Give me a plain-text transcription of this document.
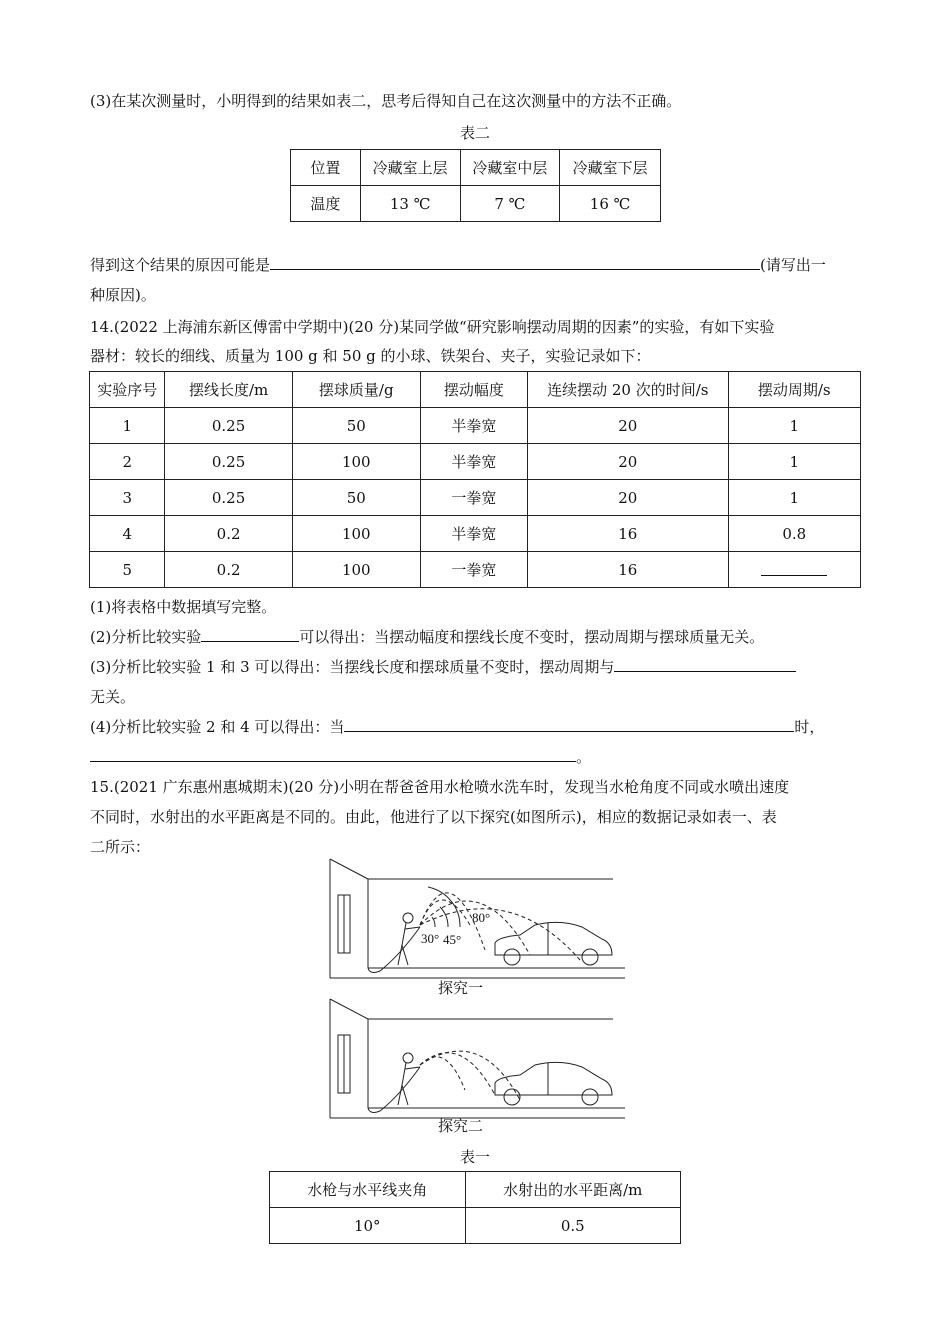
(3)在某次测量时，小明得到的结果如表二，思考后得知自己在这次测量中的方法不正确。
表二
位置	冷藏室上层	冷藏室中层	冷藏室下层
温度	13 ℃	7 ℃	16 ℃
得到这个结果的原因可能是	(请写出一
种原因)。
14.(2022 上海浦东新区傅雷中学期中)(20 分)某同学做“研究影响摆动周期的因素”的实验，有如下实验
器材：较长的细线、质量为 100 g 和 50 g 的小球、铁架台、夹子，实验记录如下：
实验序号	摆线长度/m	摆球质量/g	摆动幅度	连续摆动 20 次的时间/s	摆动周期/s
1	0.25	50	半拳宽	20	1
2	0.25	100	半拳宽	20	1
3	0.25	50	一拳宽	20	1
4	0.2	100	半拳宽	16	0.8
5	0.2	100	一拳宽	16	
(1)将表格中数据填写完整。
(2)分析比较实验	可以得出：当摆动幅度和摆线长度不变时，摆动周期与摆球质量无关。
(3)分析比较实验 1 和 3 可以得出：当摆线长度和摆球质量不变时，摆动周期与
无关。
(4)分析比较实验 2 和 4 可以得出：当	时，
。
15.(2021 广东惠州惠城期末)(20 分)小明在帮爸爸用水枪喷水洗车时，发现当水枪角度不同或水喷出速度
不同时，水射出的水平距离是不同的。由此，他进行了以下探究(如图所示)，相应的数据记录如表一、表
二所示：
30° 45°
80°
探究一
探究二
表一
水枪与水平线夹角	水射出的水平距离/m
10°	0.5
